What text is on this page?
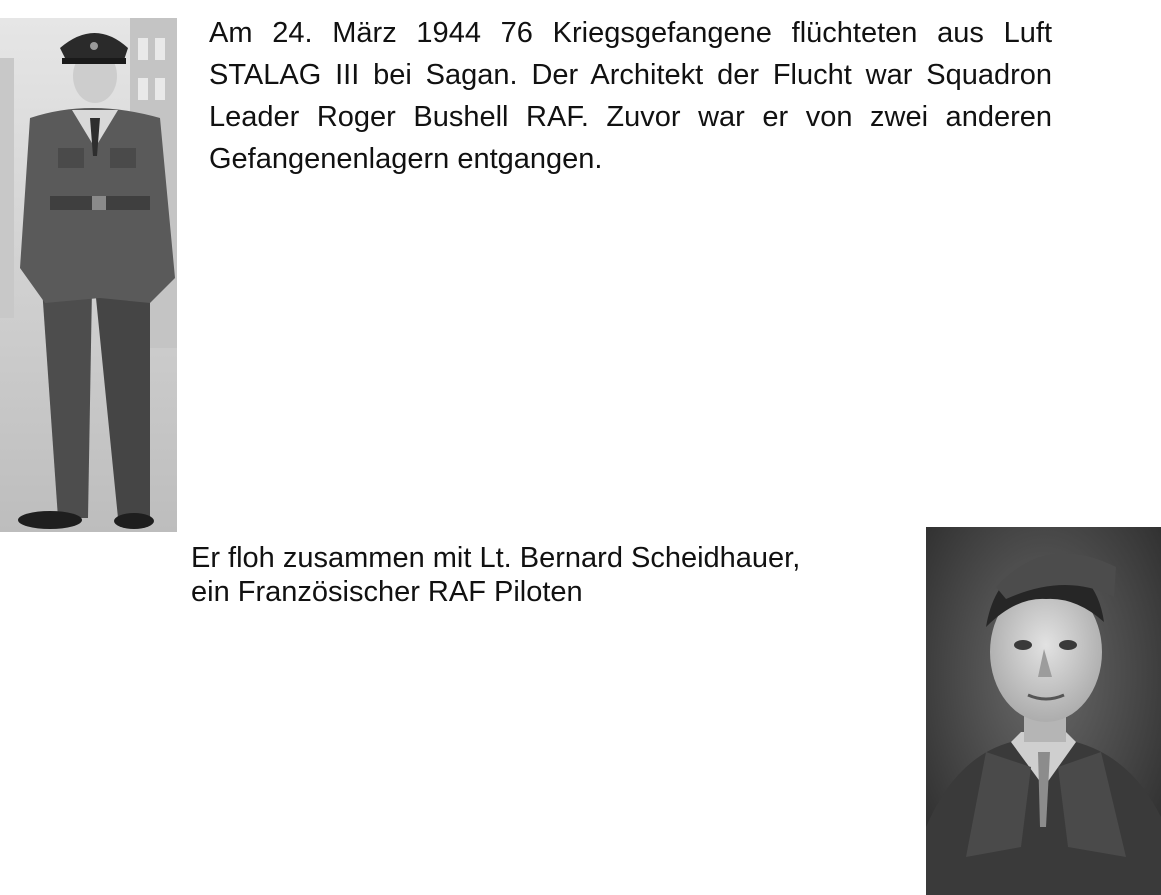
Am 24. März 1944 76 Kriegsgefangene flüchteten aus Luft STALAG III bei Sagan. Der Architekt der Flucht war Squadron Leader Roger Bushell RAF. Zuvor war er von zwei anderen Gefangenenlagern entgangen.

Er floh zusammen mit Lt. Bernard Scheidhauer,
ein Französischer RAF Piloten
